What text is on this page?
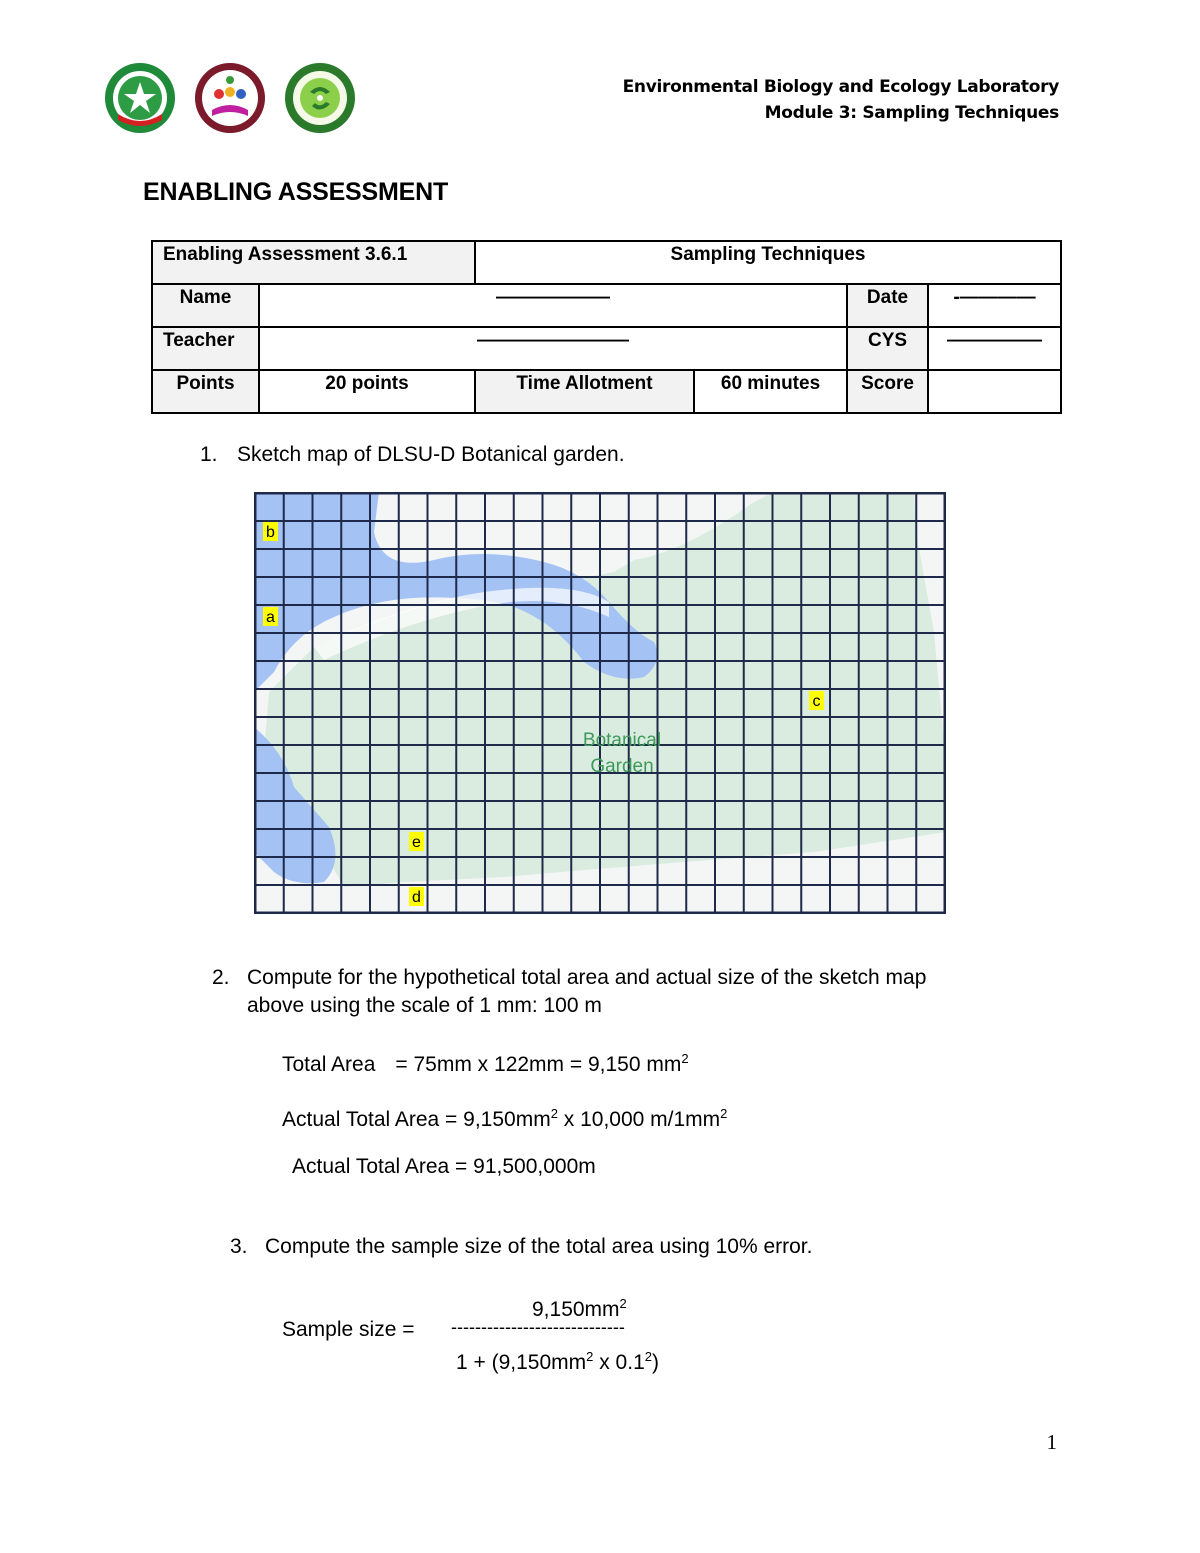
Environmental Biology and Ecology Laboratory
Module 3: Sampling Techniques
ENABLING ASSESSMENT
Enabling Assessment 3.6.1		Sampling Techniques			
Name	——————			Date	-————
Teacher	————————			CYS	—————
Points	20 points	Time Allotment	60 minutes	Score	
1. Sketch map of DLSU-D Botanical garden.
Botanical
Garden
b
a
c
e
d
2. Compute for the hypothetical total area and actual size of the sketch map
above using the scale of 1 mm: 100 m
Total Area = 75mm x 122mm = 9,150 $mm^2$
Actual Total Area = $9,150mm^2$ x 10,000 $m/1mm^2$
Actual Total Area = 91,500,000m
3. Compute the sample size of the total area using 10% error.
$9,150mm^2$
Sample size = -----------------------------
$1 + (9,150mm^2$ x $0.1^2$)
1
